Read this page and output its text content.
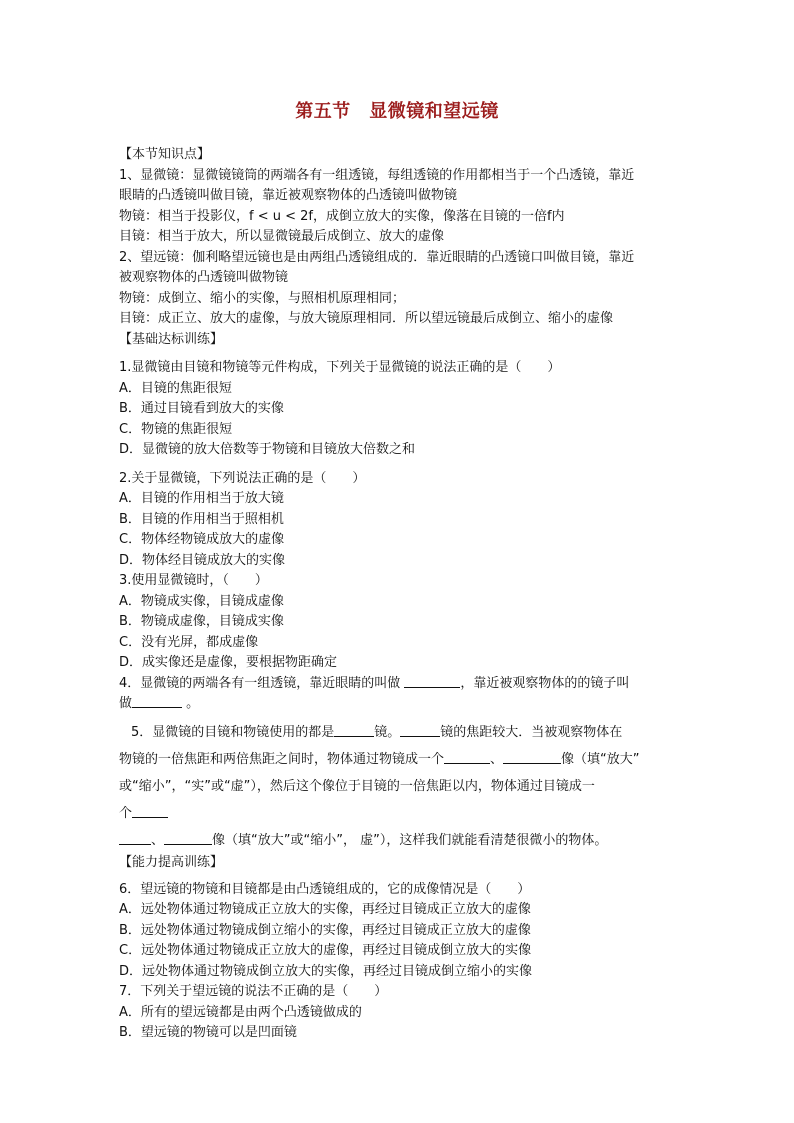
第五节　显微镜和望远镜
【本节知识点】
1、显微镜：显微镜镜筒的两端各有一组透镜，每组透镜的作用都相当于一个凸透镜，靠近
眼睛的凸透镜叫做目镜，靠近被观察物体的凸透镜叫做物镜
物镜：相当于投影仪，f < u < 2f，成倒立放大的实像，像落在目镜的一倍f内
目镜：相当于放大，所以显微镜最后成倒立、放大的虚像
2、望远镜：伽利略望远镜也是由两组凸透镜组成的．靠近眼睛的凸透镜口叫做目镜，靠近
被观察物体的凸透镜叫做物镜
物镜：成倒立、缩小的实像，与照相机原理相同；
目镜：成正立、放大的虚像，与放大镜原理相同．所以望远镜最后成倒立、缩小的虚像
【基础达标训练】
1.显微镜由目镜和物镜等元件构成，下列关于显微镜的说法正确的是（　　）
A．目镜的焦距很短
B．通过目镜看到放大的实像
C．物镜的焦距很短
D．显微镜的放大倍数等于物镜和目镜放大倍数之和
2.关于显微镜，下列说法正确的是（　　）
A．目镜的作用相当于放大镜
B．目镜的作用相当于照相机
C．物体经物镜成放大的虚像
D．物体经目镜成放大的实像
3.使用显微镜时，（　　）
A．物镜成实像，目镜成虚像
B．物镜成虚像，目镜成实像
C．没有光屏，都成虚像
D．成实像还是虚像，要根据物距确定
4．显微镜的两端各有一组透镜，靠近眼睛的叫做	，靠近被观察物体的的镜子叫
做	。
5．显微镜的目镜和物镜使用的都是	镜。	镜的焦距较大．当被观察物体在
物镜的一倍焦距和两倍焦距之间时，物体通过物镜成一个	、	像（填“放大”
或“缩小”，“实”或“虚”），然后这个像位于目镜的一倍焦距以内，物体通过目镜成一
个
、	像（填“放大”或“缩小”， 虚”），这样我们就能看清楚很微小的物体。
【能力提高训练】
6．望远镜的物镜和目镜都是由凸透镜组成的，它的成像情况是（　　）
A．远处物体通过物镜成正立放大的实像，再经过目镜成正立放大的虚像
B．远处物体通过物镜成倒立缩小的实像，再经过目镜成正立放大的虚像
C．远处物体通过物镜成正立放大的虚像，再经过目镜成倒立放大的实像
D．远处物体通过物镜成倒立放大的实像，再经过目镜成倒立缩小的实像
7．下列关于望远镜的说法不正确的是（　　）
A．所有的望远镜都是由两个凸透镜做成的
B．望远镜的物镜可以是凹面镜
